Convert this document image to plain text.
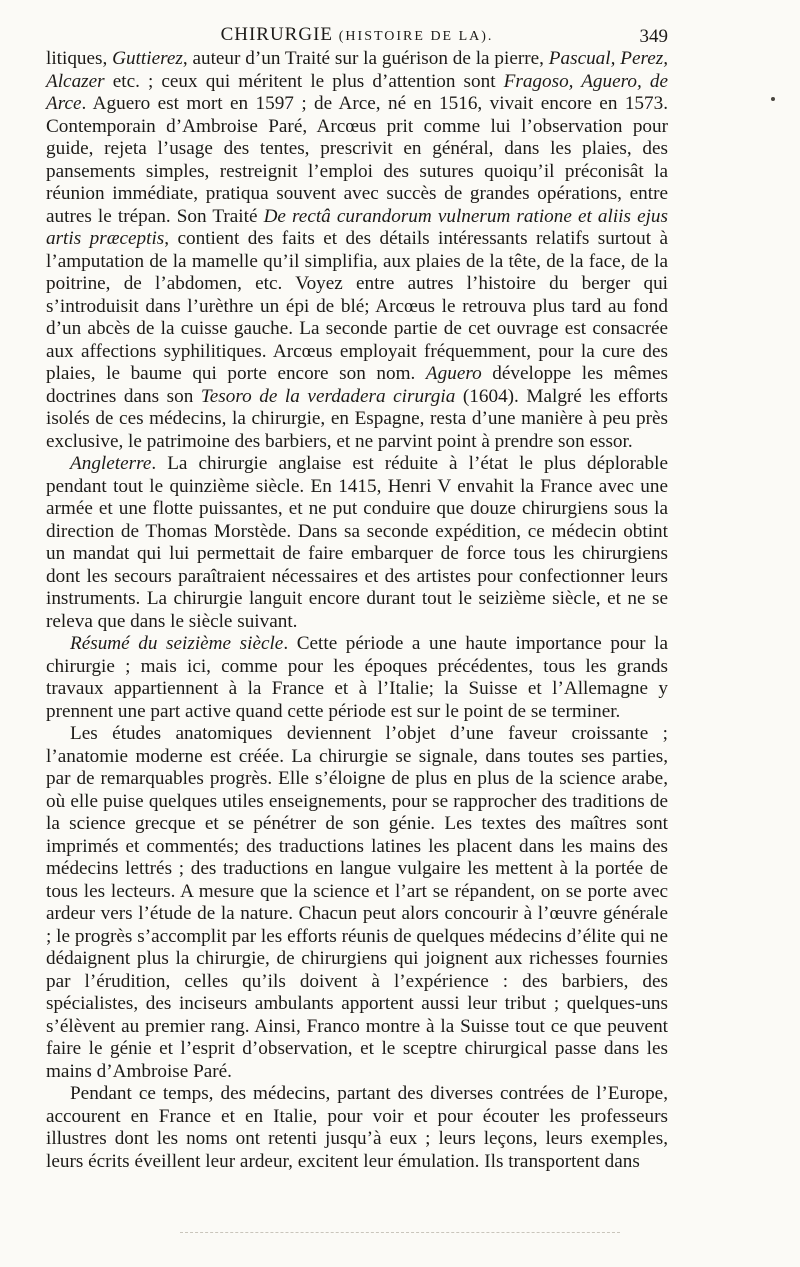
CHIRURGIE (HISTOIRE DE LA).	349

litiques, Guttierez, auteur d’un Traité sur la guérison de la pierre, Pascual, Perez, Alcazer etc. ; ceux qui méritent le plus d’attention sont Fragoso, Aguero, de Arce. Aguero est mort en 1597 ; de Arce, né en 1516, vivait encore en 1573. Contemporain d’Ambroise Paré, Arcœus prit comme lui l’observation pour guide, rejeta l’usage des tentes, prescrivit en général, dans les plaies, des pansements simples, restreignit l’emploi des sutures quoiqu’il préconisât la réunion immédiate, pratiqua souvent avec succès de grandes opérations, entre autres le trépan. Son Traité De rectâ curandorum vulnerum ratione et aliis ejus artis præceptis, contient des faits et des détails intéressants relatifs surtout à l’amputation de la mamelle qu’il simplifia, aux plaies de la tête, de la face, de la poitrine, de l’abdomen, etc. Voyez entre autres l’histoire du berger qui s’introduisit dans l’urèthre un épi de blé; Arcœus le retrouva plus tard au fond d’un abcès de la cuisse gauche. La seconde partie de cet ouvrage est consacrée aux affections syphilitiques. Arcœus employait fréquemment, pour la cure des plaies, le baume qui porte encore son nom. Aguero développe les mêmes doctrines dans son Tesoro de la verdadera cirurgia (1604). Malgré les efforts isolés de ces médecins, la chirurgie, en Espagne, resta d’une manière à peu près exclusive, le patrimoine des barbiers, et ne parvint point à prendre son essor.

Angleterre. La chirurgie anglaise est réduite à l’état le plus déplorable pendant tout le quinzième siècle. En 1415, Henri V envahit la France avec une armée et une flotte puissantes, et ne put conduire que douze chirurgiens sous la direction de Thomas Morstède. Dans sa seconde expédition, ce médecin obtint un mandat qui lui permettait de faire embarquer de force tous les chirurgiens dont les secours paraîtraient nécessaires et des artistes pour confectionner leurs instruments. La chirurgie languit encore durant tout le seizième siècle, et ne se releva que dans le siècle suivant.

Résumé du seizième siècle. Cette période a une haute importance pour la chirurgie ; mais ici, comme pour les époques précédentes, tous les grands travaux appartiennent à la France et à l’Italie; la Suisse et l’Allemagne y prennent une part active quand cette période est sur le point de se terminer.

Les études anatomiques deviennent l’objet d’une faveur croissante ; l’anatomie moderne est créée. La chirurgie se signale, dans toutes ses parties, par de remarquables progrès. Elle s’éloigne de plus en plus de la science arabe, où elle puise quelques utiles enseignements, pour se rapprocher des traditions de la science grecque et se pénétrer de son génie. Les textes des maîtres sont imprimés et commentés; des traductions latines les placent dans les mains des médecins lettrés ; des traductions en langue vulgaire les mettent à la portée de tous les lecteurs. A mesure que la science et l’art se répandent, on se porte avec ardeur vers l’étude de la nature. Chacun peut alors concourir à l’œuvre générale ; le progrès s’accomplit par les efforts réunis de quelques médecins d’élite qui ne dédaignent plus la chirurgie, de chirurgiens qui joignent aux richesses fournies par l’érudition, celles qu’ils doivent à l’expérience : des barbiers, des spécialistes, des inciseurs ambulants apportent aussi leur tribut ; quelques-uns s’élèvent au premier rang. Ainsi, Franco montre à la Suisse tout ce que peuvent faire le génie et l’esprit d’observation, et le sceptre chirurgical passe dans les mains d’Ambroise Paré.

Pendant ce temps, des médecins, partant des diverses contrées de l’Europe, accourent en France et en Italie, pour voir et pour écouter les professeurs illustres dont les noms ont retenti jusqu’à eux ; leurs leçons, leurs exemples, leurs écrits éveillent leur ardeur, excitent leur émulation. Ils transportent dans
